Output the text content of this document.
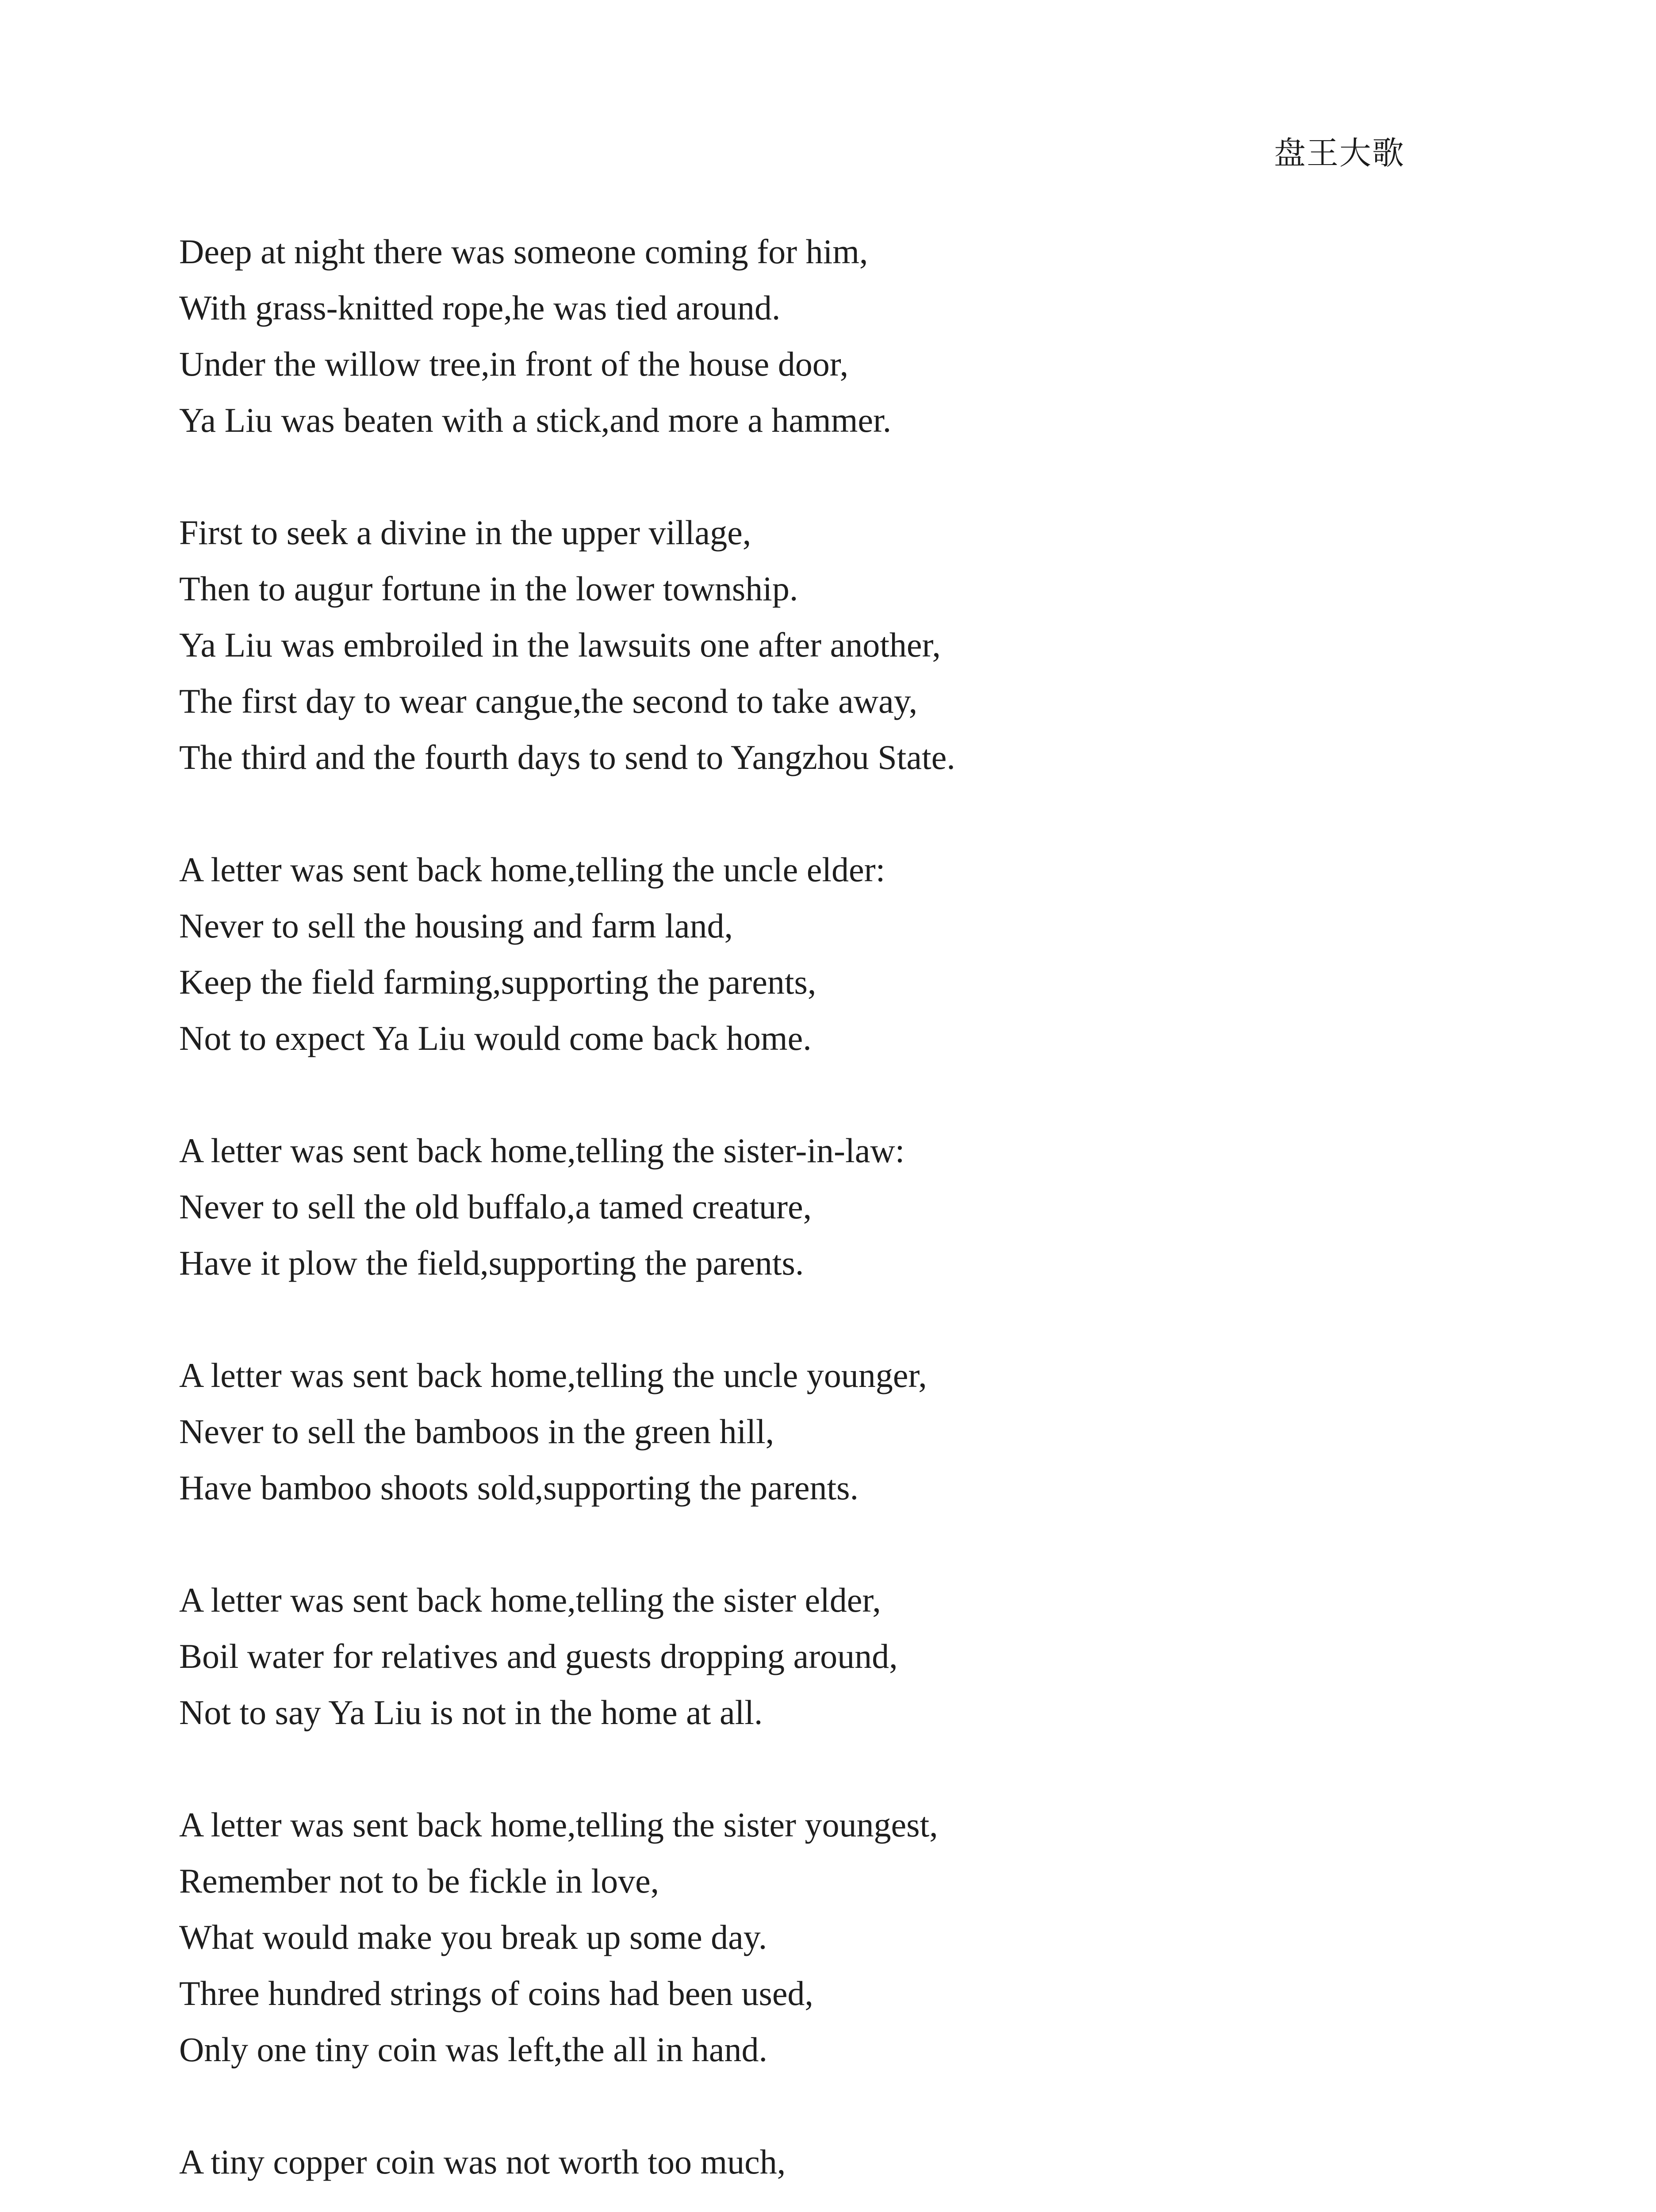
盘王大歌
Deep at night there was someone coming for him,
With grass-knitted rope,he was tied around.
Under the willow tree,in front of the house door,
Ya Liu was beaten with a stick,and more a hammer.
First to seek a divine in the upper village,
Then to augur fortune in the lower township.
Ya Liu was embroiled in the lawsuits one after another,
The first day to wear cangue,the second to take away,
The third and the fourth days to send to Yangzhou State.
A letter was sent back home,telling the uncle elder:
Never to sell the housing and farm land,
Keep the field farming,supporting the parents,
Not to expect Ya Liu would come back home.
A letter was sent back home,telling the sister-in-law:
Never to sell the old buffalo,a tamed creature,
Have it plow the field,supporting the parents.
A letter was sent back home,telling the uncle younger,
Never to sell the bamboos in the green hill,
Have bamboo shoots sold,supporting the parents.
A letter was sent back home,telling the sister elder,
Boil water for relatives and guests dropping around,
Not to say Ya Liu is not in the home at all.
A letter was sent back home,telling the sister youngest,
Remember not to be fickle in love,
What would make you break up some day.
Three hundred strings of coins had been used,
Only one tiny coin was left,the all in hand.
A tiny copper coin was not worth too much,
